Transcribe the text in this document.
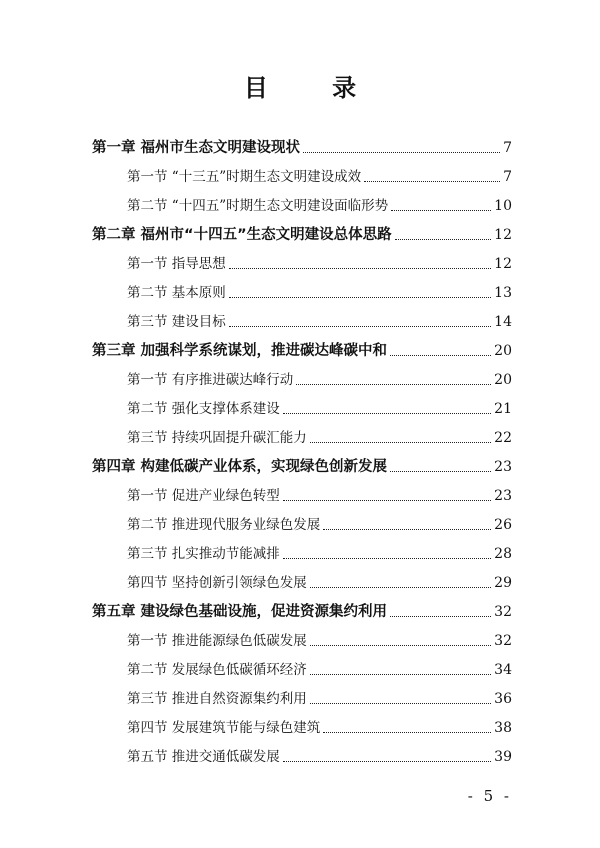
目 录
第一章 福州市生态文明建设现状	7
第一节 “十三五”时期生态文明建设成效	7
第二节 “十四五”时期生态文明建设面临形势	10
第二章 福州市“十四五”生态文明建设总体思路	12
第一节 指导思想	12
第二节 基本原则	13
第三节 建设目标	14
第三章 加强科学系统谋划，推进碳达峰碳中和	20
第一节 有序推进碳达峰行动	20
第二节 强化支撑体系建设	21
第三节 持续巩固提升碳汇能力	22
第四章 构建低碳产业体系，实现绿色创新发展	23
第一节 促进产业绿色转型	23
第二节 推进现代服务业绿色发展	26
第三节 扎实推动节能减排	28
第四节 坚持创新引领绿色发展	29
第五章 建设绿色基础设施，促进资源集约利用	32
第一节 推进能源绿色低碳发展	32
第二节 发展绿色低碳循环经济	34
第三节 推进自然资源集约利用	36
第四节 发展建筑节能与绿色建筑	38
第五节 推进交通低碳发展	39
- 5 -
